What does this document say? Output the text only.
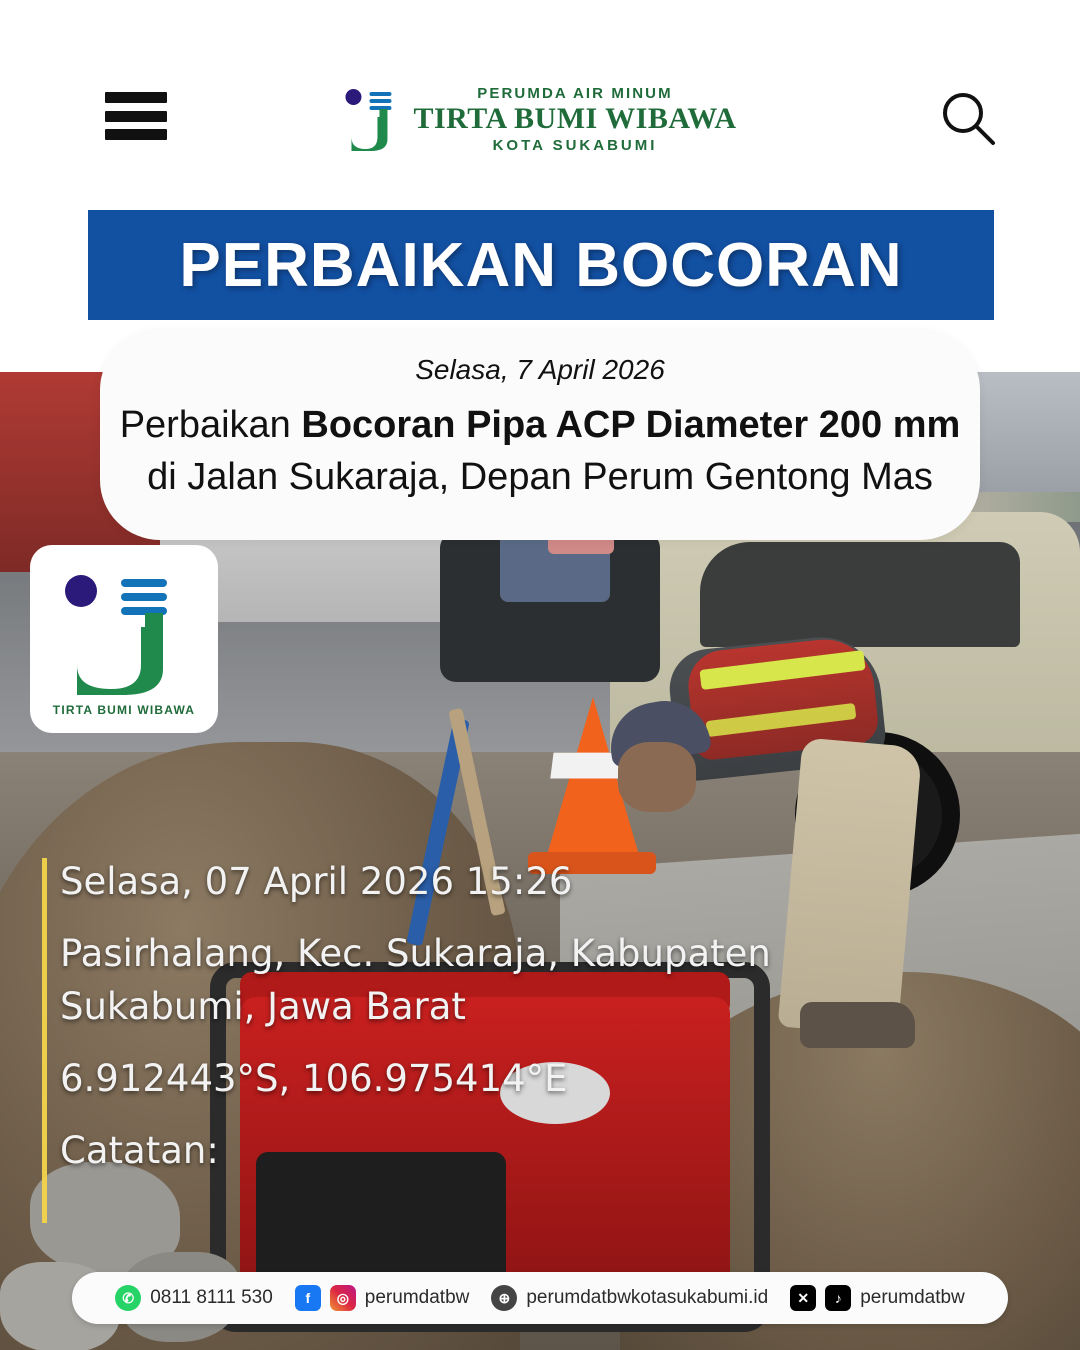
PERUMDA AIR MINUM
TIRTA BUMI WIBAWA
KOTA SUKABUMI
PERBAIKAN BOCORAN
Selasa, 7 April 2026
Perbaikan Bocoran Pipa ACP Diameter 200 mm
di Jalan Sukaraja, Depan Perum Gentong Mas
TIRTA BUMI WIBAWA
Selasa, 07 April 2026 15:26
Pasirhalang, Kec. Sukaraja, Kabupaten
Sukabumi, Jawa Barat
6.912443°S, 106.975414°E
Catatan:
✆ 0811 8111 530	f	◎ perumdatbw	⊕ perumdatbwkotasukabumi.id	✕	♪ perumdatbw
